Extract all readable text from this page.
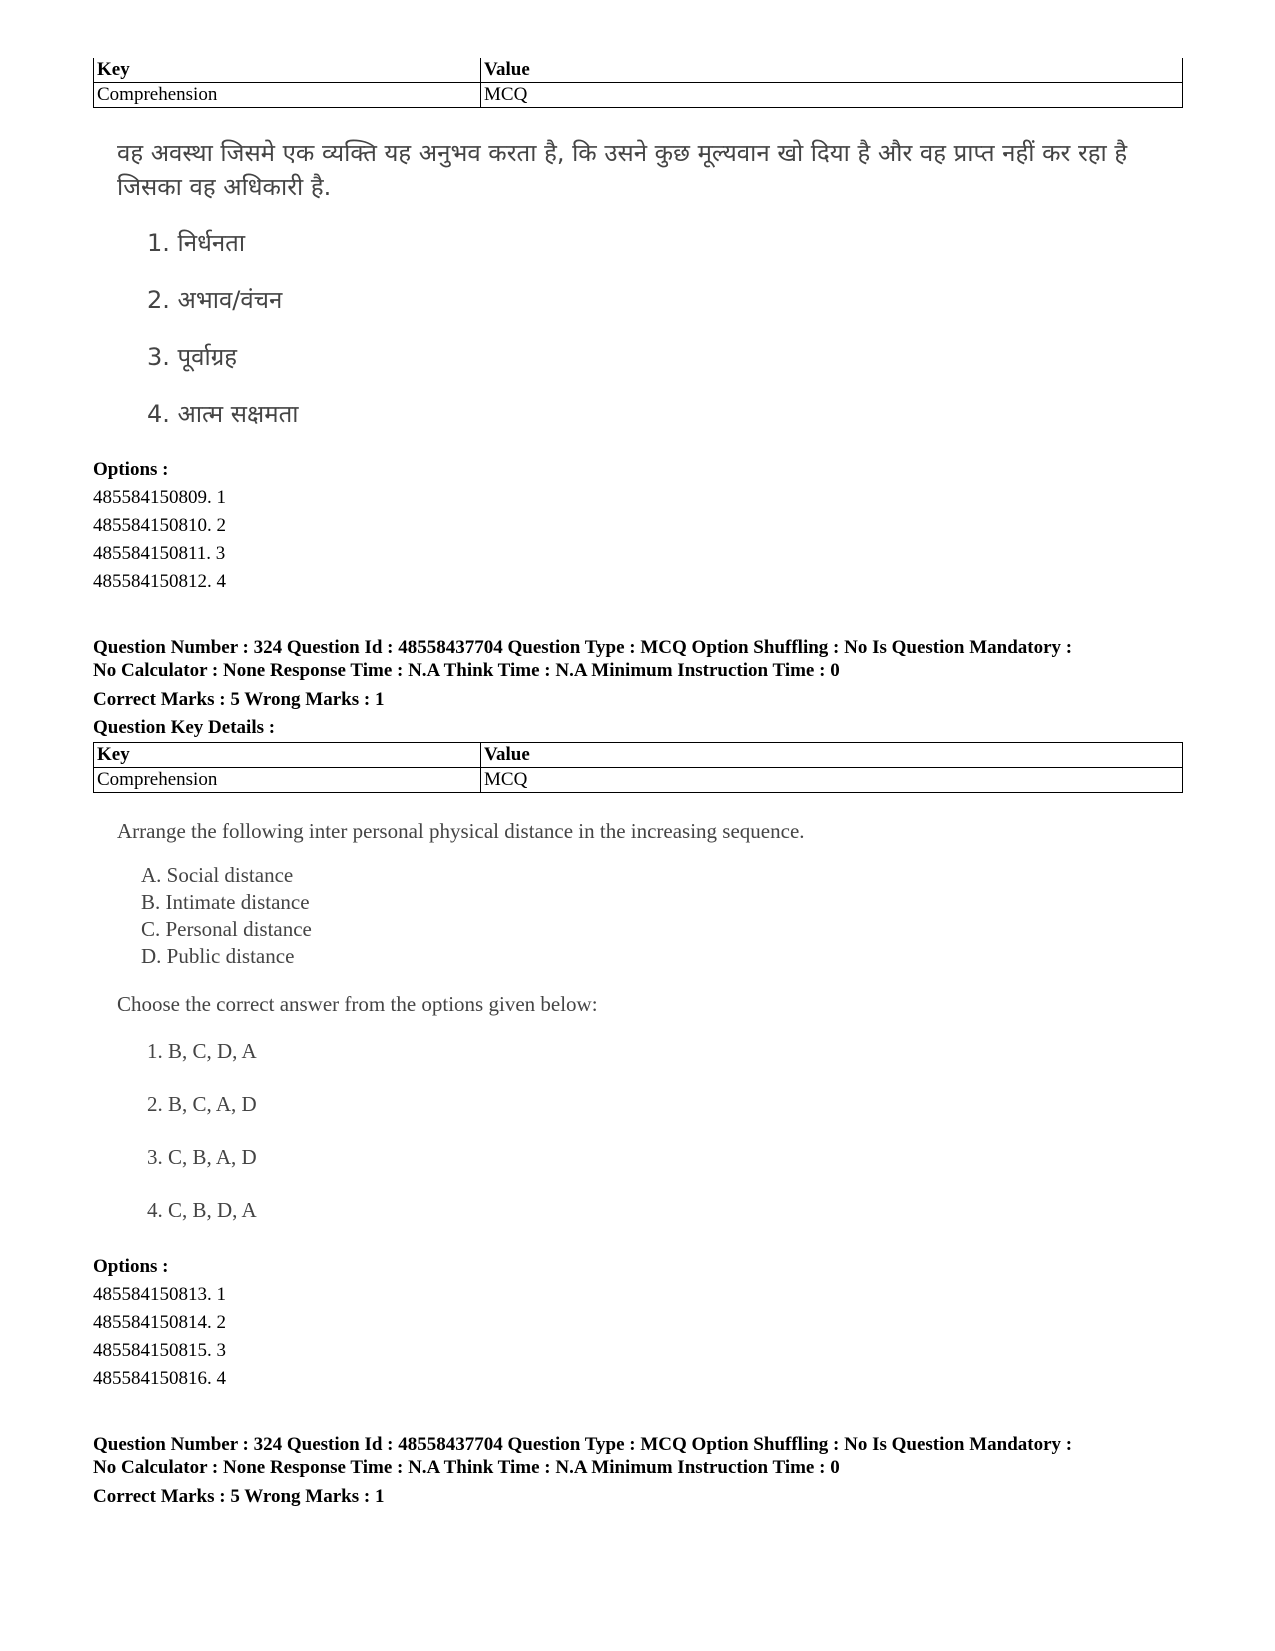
Key	Value
Comprehension	MCQ
वह अवस्था जिसमे एक व्यक्ति यह अनुभव करता है, कि उसने कुछ मूल्यवान खो दिया है और वह प्राप्त नहीं कर रहा है जिसका वह अधिकारी है.
1. निर्धनता
2. अभाव/वंचन
3. पूर्वाग्रह
4. आत्म सक्षमता
Options :
485584150809. 1
485584150810. 2
485584150811. 3
485584150812. 4
Question Number : 324 Question Id : 48558437704 Question Type : MCQ Option Shuffling : No Is Question Mandatory :
No Calculator : None Response Time : N.A Think Time : N.A Minimum Instruction Time : 0
Correct Marks : 5 Wrong Marks : 1
Question Key Details :
Key	Value
Comprehension	MCQ
Arrange the following inter personal physical distance in the increasing sequence.
A. Social distance
B. Intimate distance
C. Personal distance
D. Public distance
Choose the correct answer from the options given below:
1. B, C, D, A
2. B, C, A, D
3. C, B, A, D
4. C, B, D, A
Options :
485584150813. 1
485584150814. 2
485584150815. 3
485584150816. 4
Question Number : 324 Question Id : 48558437704 Question Type : MCQ Option Shuffling : No Is Question Mandatory :
No Calculator : None Response Time : N.A Think Time : N.A Minimum Instruction Time : 0
Correct Marks : 5 Wrong Marks : 1
